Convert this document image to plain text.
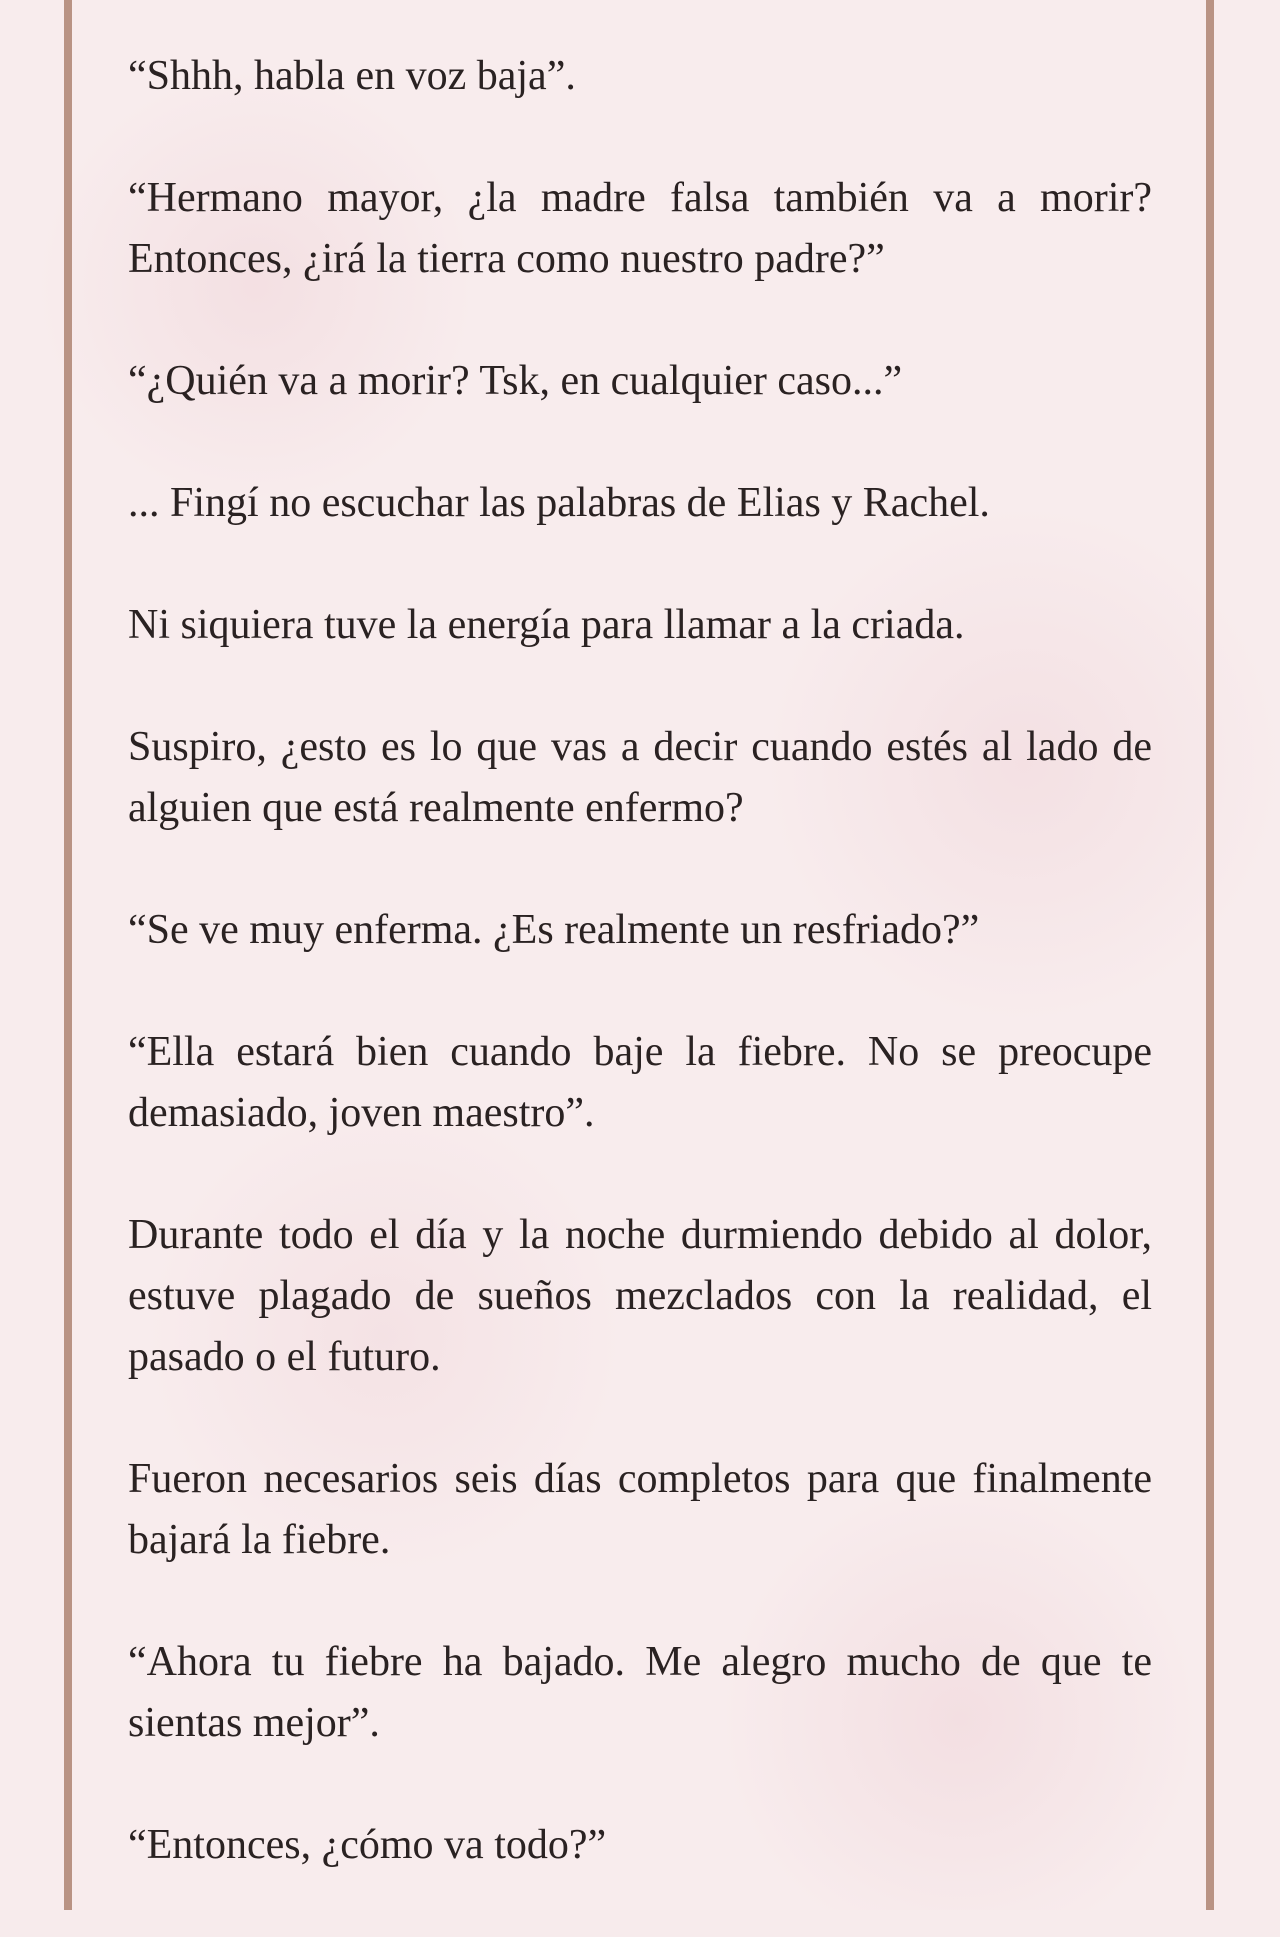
“Shhh, habla en voz baja”.

“Hermano mayor, ¿la madre falsa también va a morir? Entonces, ¿irá la tierra como nuestro padre?”

“¿Quién va a morir? Tsk, en cualquier caso...”

... Fingí no escuchar las palabras de Elias y Rachel.

Ni siquiera tuve la energía para llamar a la criada.

Suspiro, ¿esto es lo que vas a decir cuando estés al lado de alguien que está realmente enfermo?

“Se ve muy enferma. ¿Es realmente un resfriado?”

“Ella estará bien cuando baje la fiebre. No se preocupe demasiado, joven maestro”.

Durante todo el día y la noche durmiendo debido al dolor, estuve plagado de sueños mezclados con la realidad, el pasado o el futuro.

Fueron necesarios seis días completos para que finalmente bajará la fiebre.

“Ahora tu fiebre ha bajado. Me alegro mucho de que te sientas mejor”.

“Entonces, ¿cómo va todo?”
